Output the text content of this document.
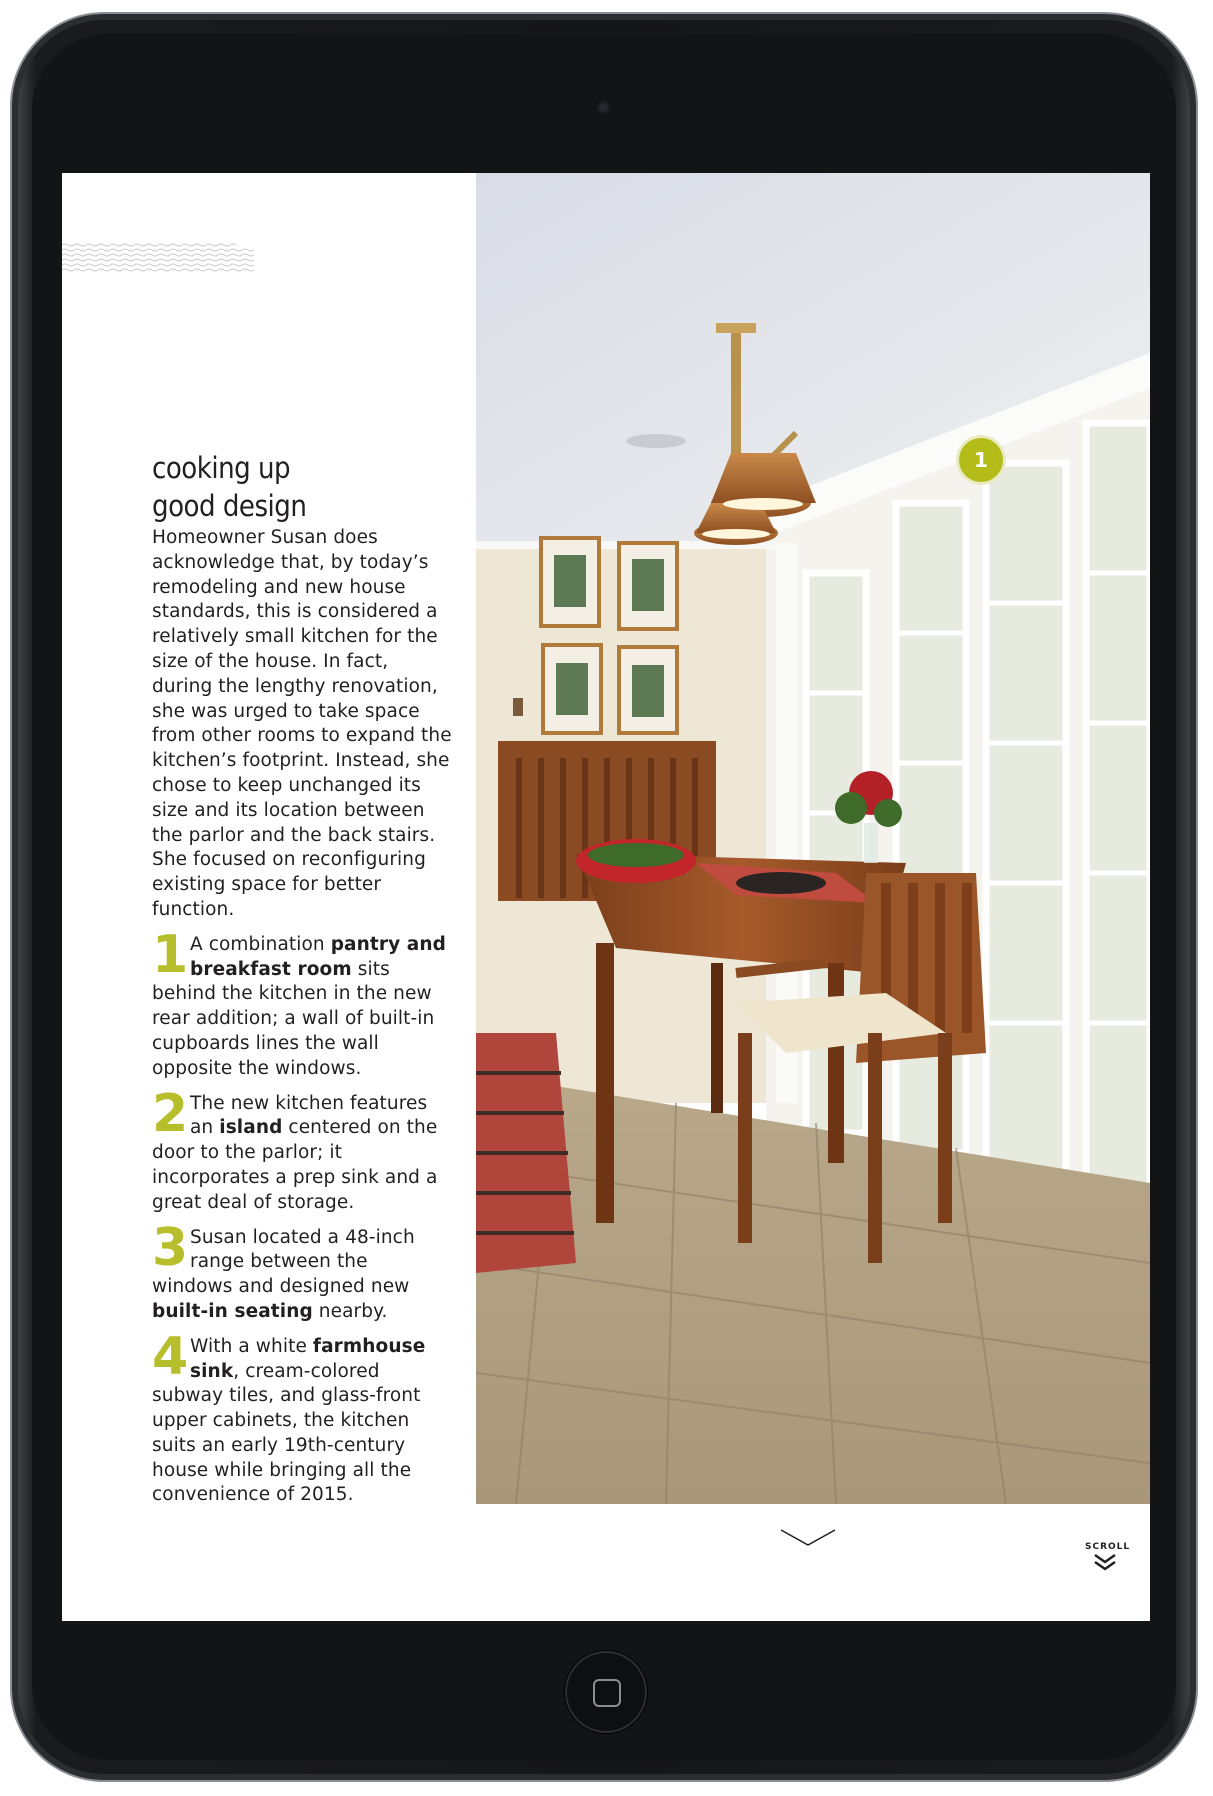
cooking up
good design

Homeowner Susan does acknowledge that, by today’s remodeling and new house standards, this is considered a relatively small kitchen for the size of the house. In fact, during the lengthy renovation, she was urged to take space from other rooms to expand the kitchen’s footprint. Instead, she chose to keep unchanged its size and its location between the parlor and the back stairs. She focused on reconfiguring existing space for better function.

1 A combination pantry and breakfast room sits behind the kitchen in the new rear addition; a wall of built-in cupboards lines the wall opposite the windows.
2 The new kitchen features an island centered on the door to the parlor; it incorporates a prep sink and a great deal of storage.
3 Susan located a 48-inch range between the windows and designed new built-in seating nearby.
4 With a white farmhouse sink, cream-colored subway tiles, and glass-front upper cabinets, the kitchen suits an early 19th-century house while bringing all the convenience of 2015.
1
SCROLL
